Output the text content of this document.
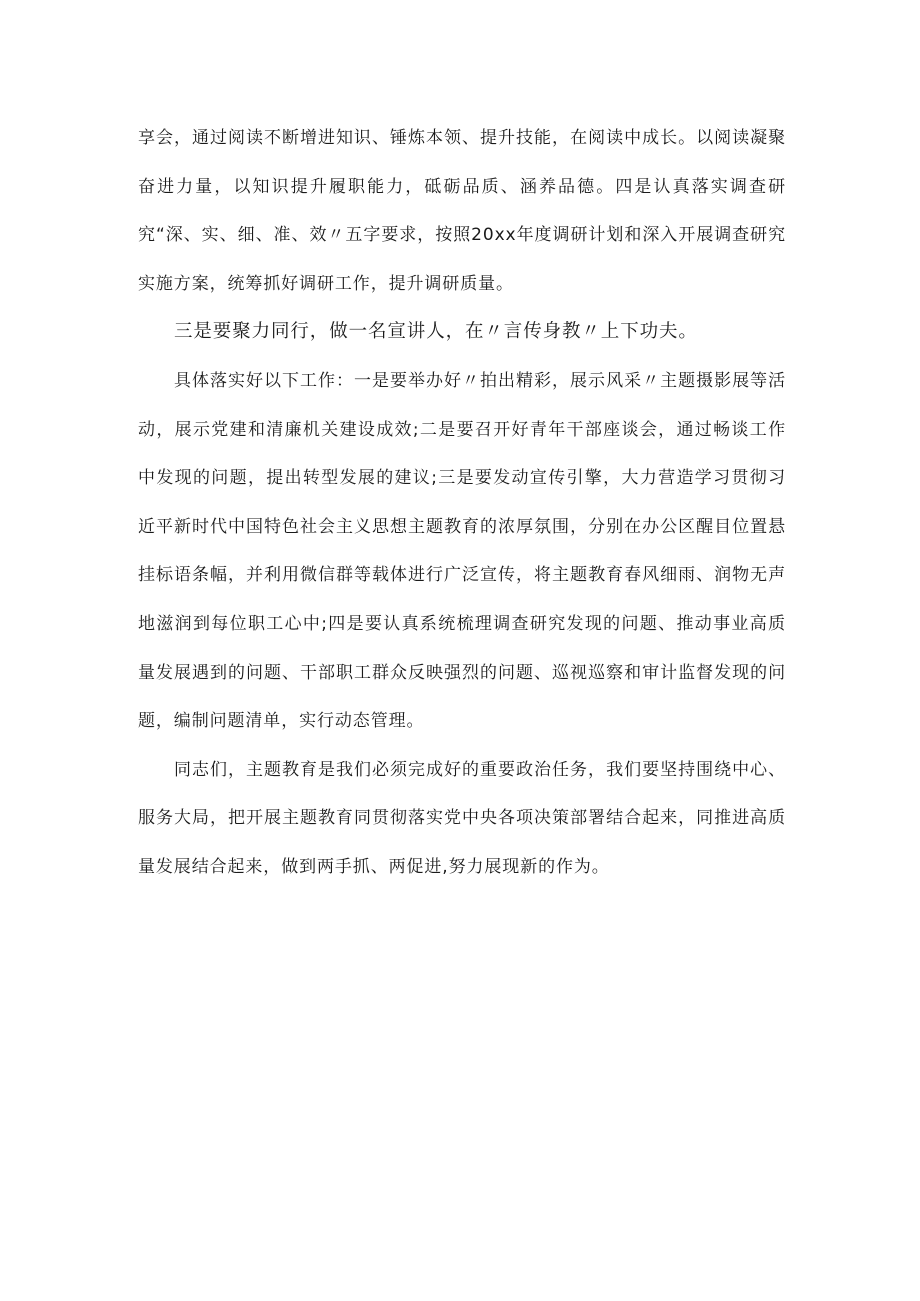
享会，通过阅读不断增进知识、锤炼本领、提升技能，在阅读中成长。以阅读凝聚奋进力量，以知识提升履职能力，砥砺品质、涵养品德。四是认真落实调查研究“深、实、细、准、效〃五字要求，按照20xx年度调研计划和深入开展调查研究实施方案，统筹抓好调研工作，提升调研质量。

三是要聚力同行，做一名宣讲人，在〃言传身教〃上下功夫。

具体落实好以下工作：一是要举办好〃拍出精彩，展示风采〃主题摄影展等活动，展示党建和清廉机关建设成效;二是要召开好青年干部座谈会，通过畅谈工作中发现的问题，提出转型发展的建议;三是要发动宣传引擎，大力营造学习贯彻习近平新时代中国特色社会主义思想主题教育的浓厚氛围，分别在办公区醒目位置悬挂标语条幅，并利用微信群等载体进行广泛宣传，将主题教育春风细雨、润物无声地滋润到每位职工心中;四是要认真系统梳理调查研究发现的问题、推动事业高质量发展遇到的问题、干部职工群众反映强烈的问题、巡视巡察和审计监督发现的问题，编制问题清单，实行动态管理。

同志们，主题教育是我们必须完成好的重要政治任务，我们要坚持围绕中心、服务大局，把开展主题教育同贯彻落实党中央各项决策部署结合起来，同推进高质量发展结合起来，做到两手抓、两促进,努力展现新的作为。
